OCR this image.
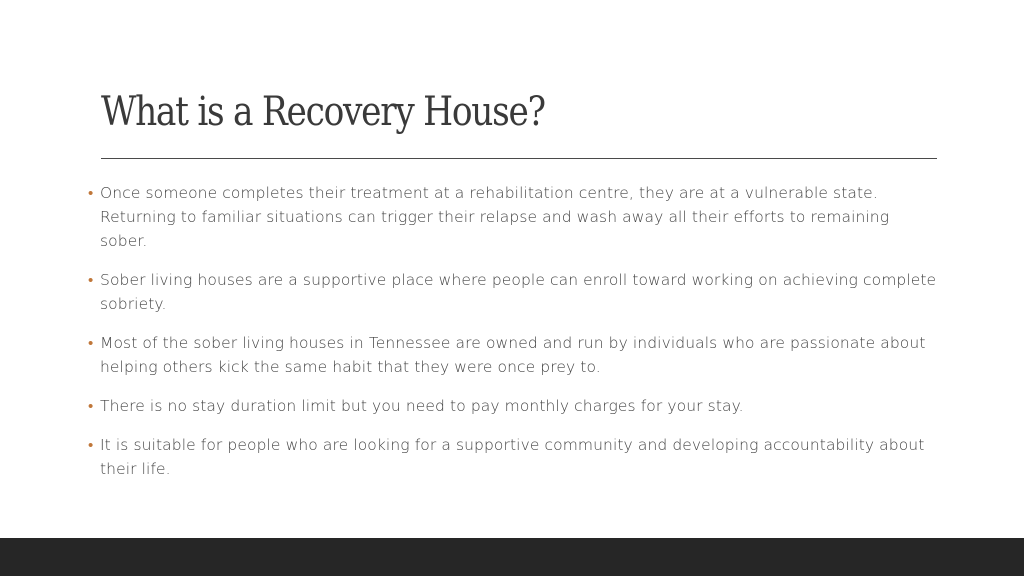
What is a Recovery House?
• Once someone completes their treatment at a rehabilitation centre, they are at a vulnerable state. Returning to familiar situations can trigger their relapse and wash away all their efforts to remaining sober.
• Sober living houses are a supportive place where people can enroll toward working on achieving complete sobriety.
• Most of the sober living houses in Tennessee are owned and run by individuals who are passionate about helping others kick the same habit that they were once prey to.
• There is no stay duration limit but you need to pay monthly charges for your stay.
• It is suitable for people who are looking for a supportive community and developing accountability about their life.
